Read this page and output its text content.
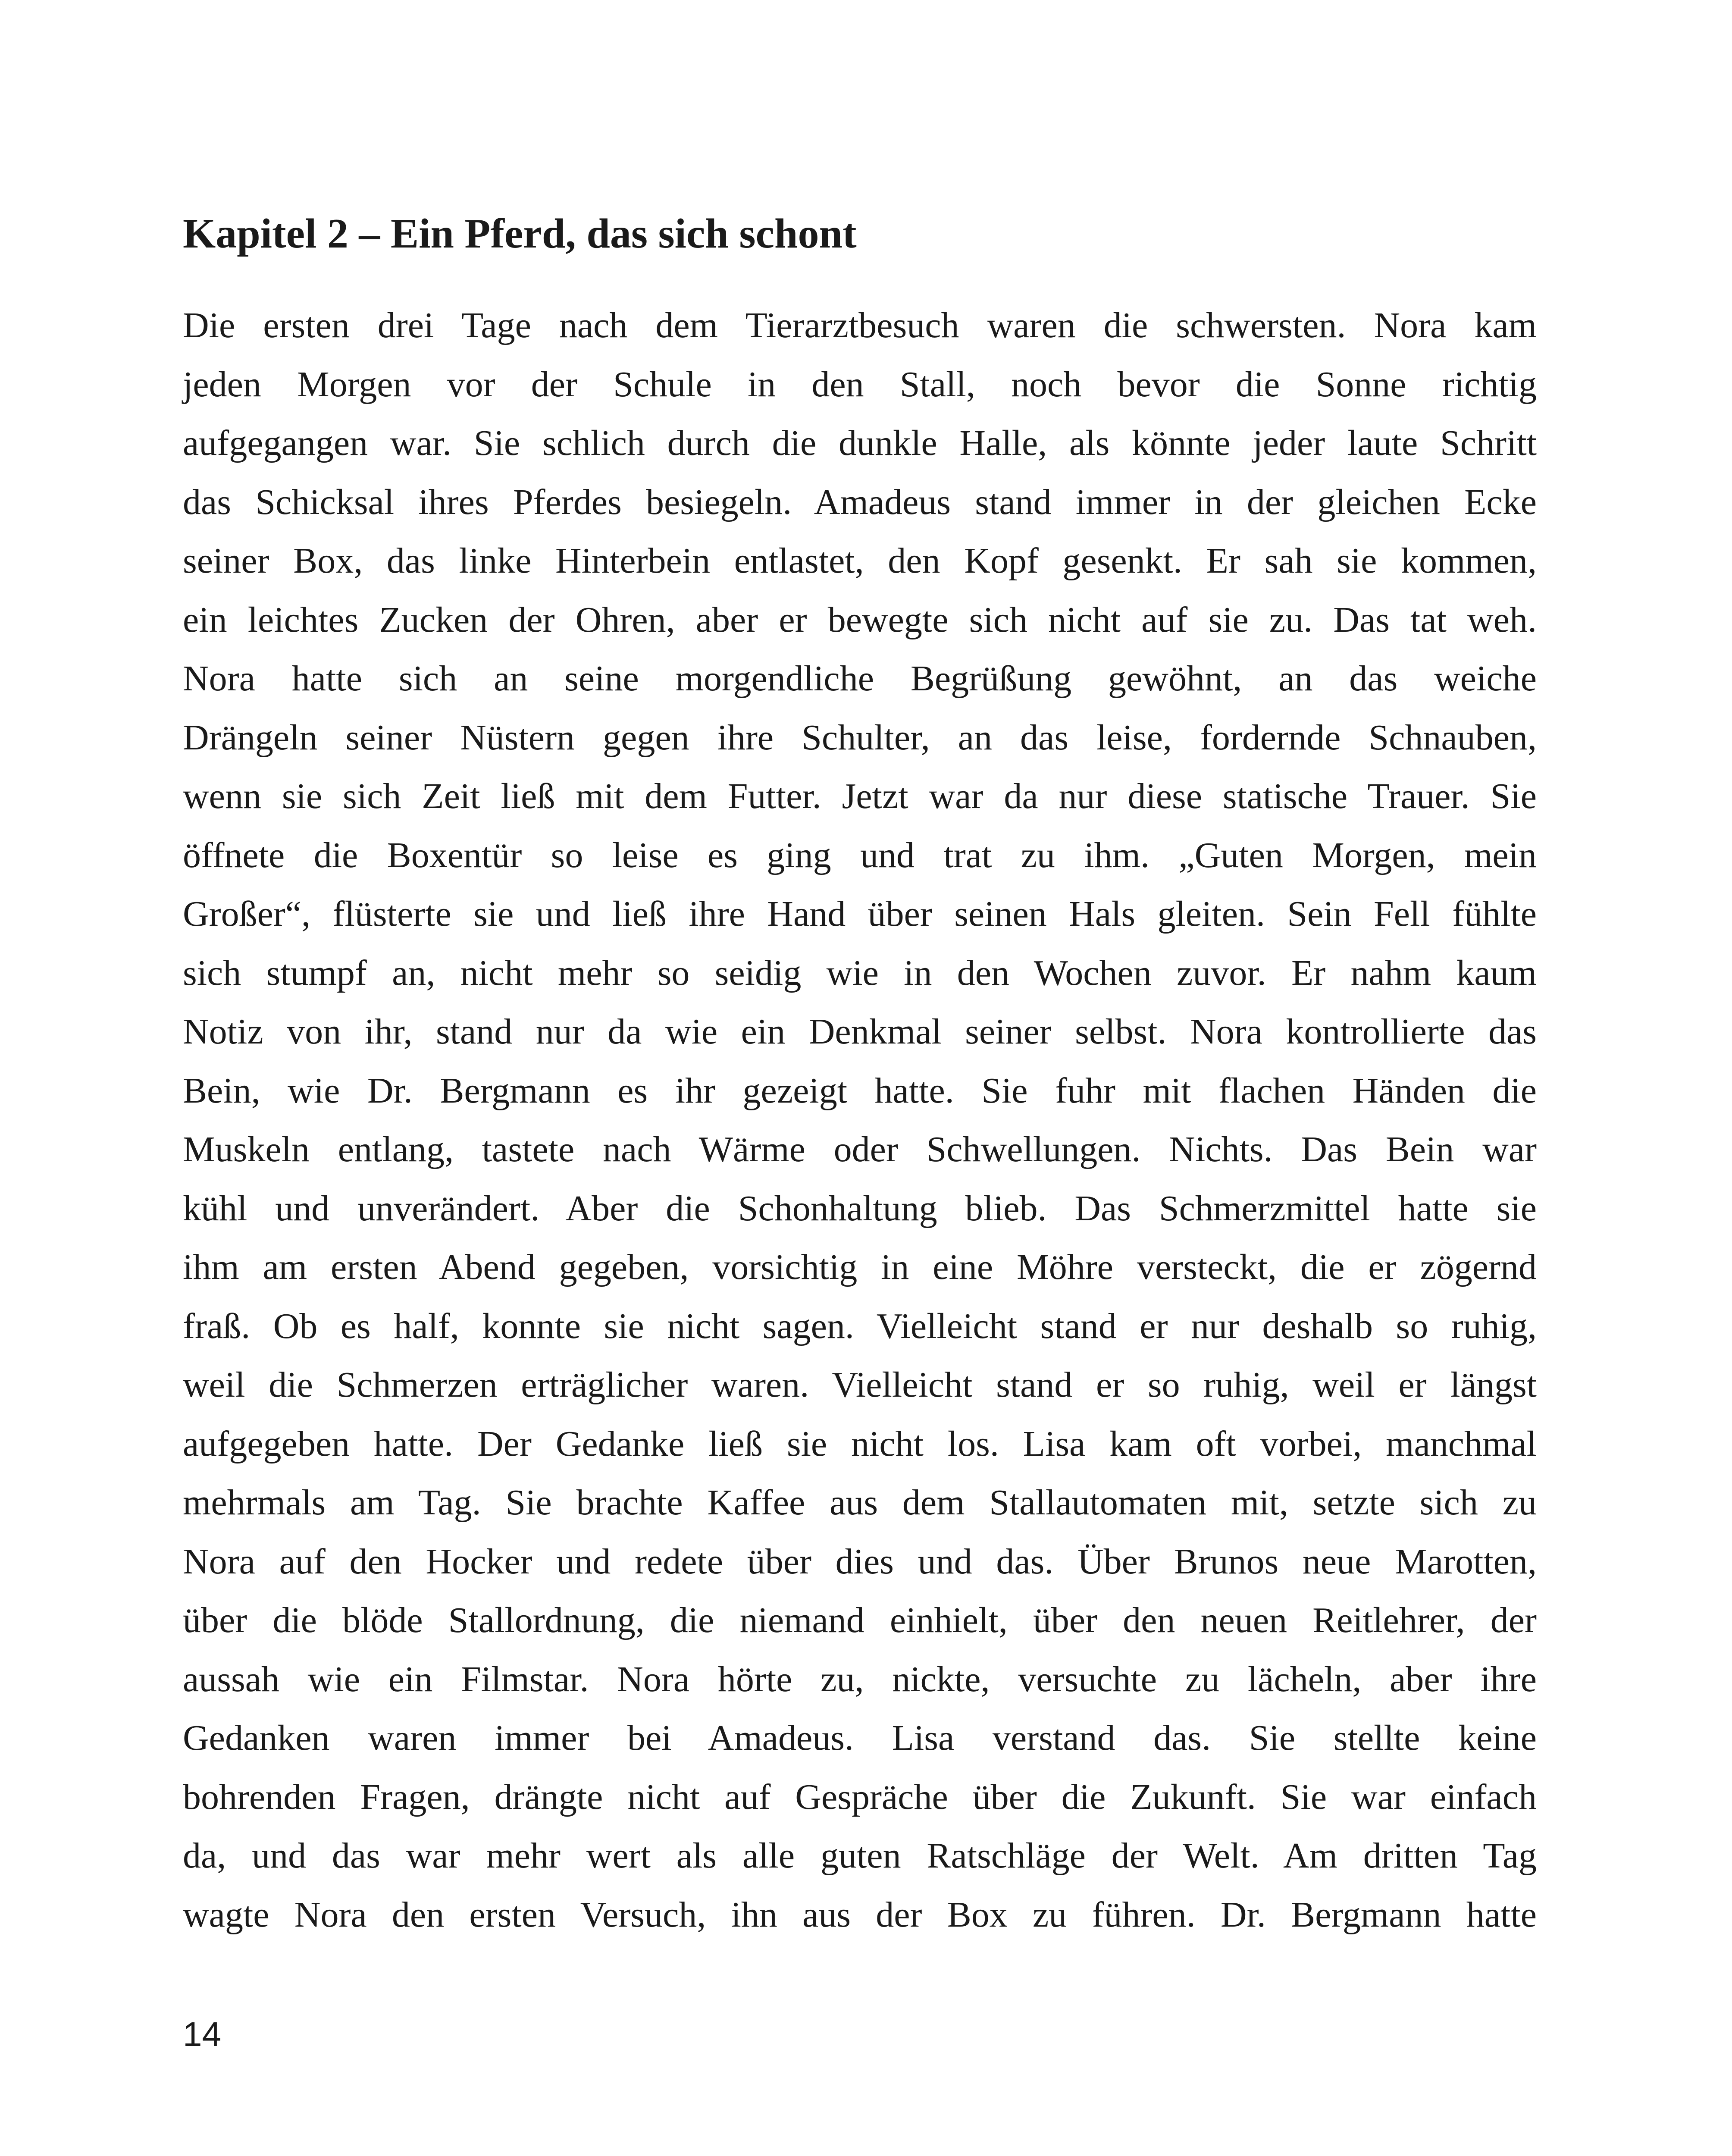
Kapitel 2 – Ein Pferd, das sich schont
Die ersten drei Tage nach dem Tierarztbesuch waren die schwersten. Nora kam
jeden Morgen vor der Schule in den Stall, noch bevor die Sonne richtig
aufgegangen war. Sie schlich durch die dunkle Halle, als könnte jeder laute Schritt
das Schicksal ihres Pferdes besiegeln. Amadeus stand immer in der gleichen Ecke
seiner Box, das linke Hinterbein entlastet, den Kopf gesenkt. Er sah sie kommen,
ein leichtes Zucken der Ohren, aber er bewegte sich nicht auf sie zu. Das tat weh.
Nora hatte sich an seine morgendliche Begrüßung gewöhnt, an das weiche
Drängeln seiner Nüstern gegen ihre Schulter, an das leise, fordernde Schnauben,
wenn sie sich Zeit ließ mit dem Futter. Jetzt war da nur diese statische Trauer. Sie
öffnete die Boxentür so leise es ging und trat zu ihm. „Guten Morgen, mein
Großer“, flüsterte sie und ließ ihre Hand über seinen Hals gleiten. Sein Fell fühlte
sich stumpf an, nicht mehr so seidig wie in den Wochen zuvor. Er nahm kaum
Notiz von ihr, stand nur da wie ein Denkmal seiner selbst. Nora kontrollierte das
Bein, wie Dr. Bergmann es ihr gezeigt hatte. Sie fuhr mit flachen Händen die
Muskeln entlang, tastete nach Wärme oder Schwellungen. Nichts. Das Bein war
kühl und unverändert. Aber die Schonhaltung blieb. Das Schmerzmittel hatte sie
ihm am ersten Abend gegeben, vorsichtig in eine Möhre versteckt, die er zögernd
fraß. Ob es half, konnte sie nicht sagen. Vielleicht stand er nur deshalb so ruhig,
weil die Schmerzen erträglicher waren. Vielleicht stand er so ruhig, weil er längst
aufgegeben hatte. Der Gedanke ließ sie nicht los. Lisa kam oft vorbei, manchmal
mehrmals am Tag. Sie brachte Kaffee aus dem Stallautomaten mit, setzte sich zu
Nora auf den Hocker und redete über dies und das. Über Brunos neue Marotten,
über die blöde Stallordnung, die niemand einhielt, über den neuen Reitlehrer, der
aussah wie ein Filmstar. Nora hörte zu, nickte, versuchte zu lächeln, aber ihre
Gedanken waren immer bei Amadeus. Lisa verstand das. Sie stellte keine
bohrenden Fragen, drängte nicht auf Gespräche über die Zukunft. Sie war einfach
da, und das war mehr wert als alle guten Ratschläge der Welt. Am dritten Tag
wagte Nora den ersten Versuch, ihn aus der Box zu führen. Dr. Bergmann hatte
14
